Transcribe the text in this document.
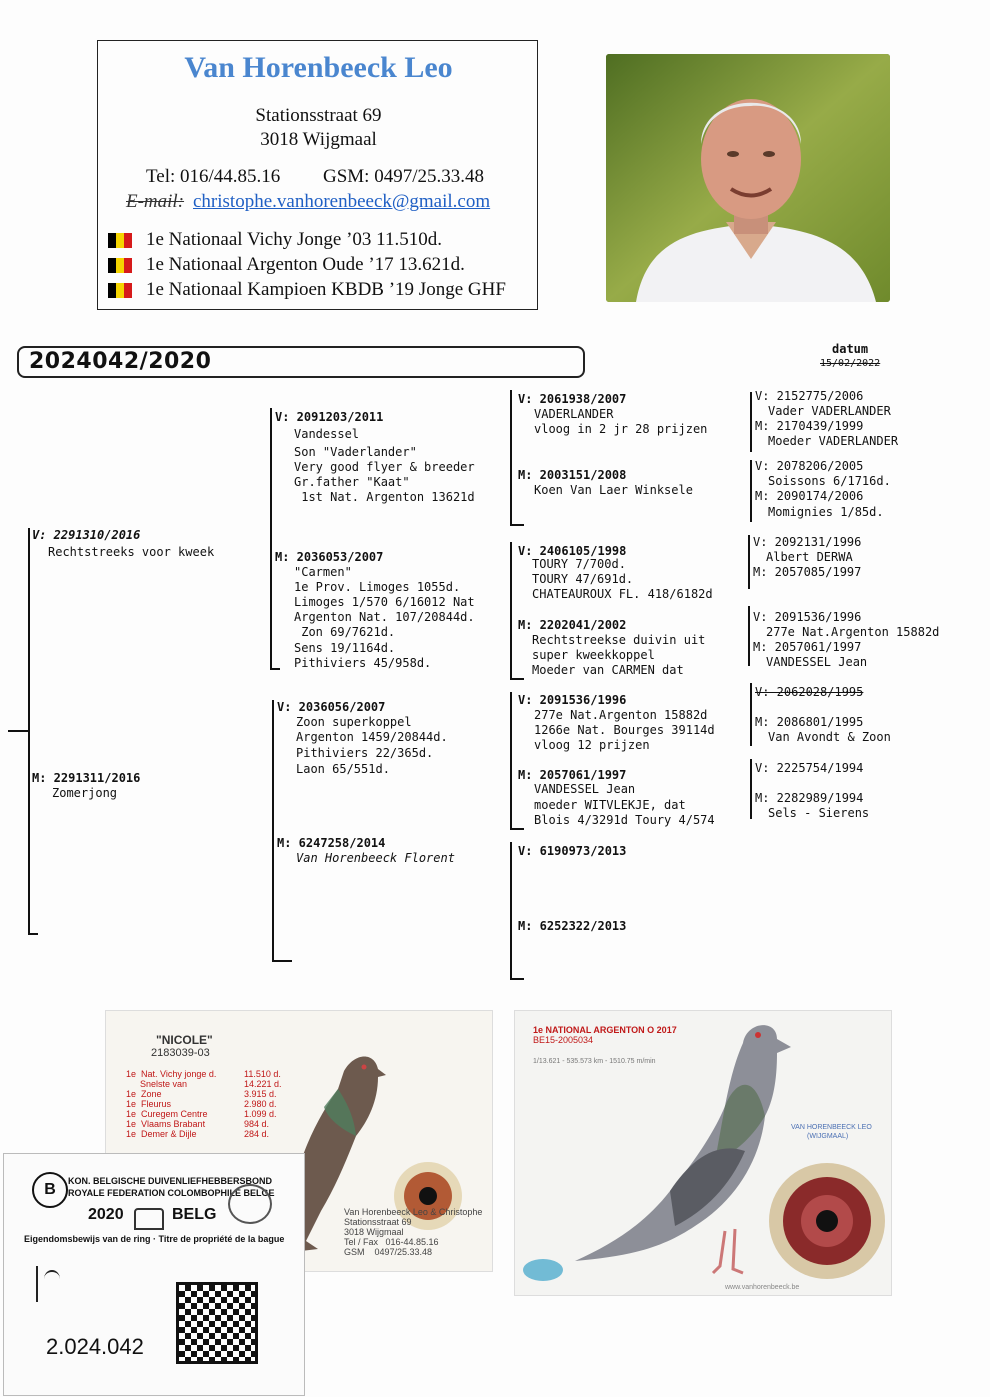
Van Horenbeeck Leo
Stationsstraat 69
3018 Wijgmaal
Tel: 016/44.85.16 GSM: 0497/25.33.48
E-mail: christophe.vanhorenbeeck@gmail.com
1e Nationaal Vichy Jonge ’03 11.510d.
1e Nationaal Argenton Oude ’17 13.621d.
1e Nationaal Kampioen KBDB ’19 Jonge GHF
2024042/2020	datum
15/02/2022
V: 2291310/2016
Rechtstreeks voor kweek
M: 2291311/2016
Zomerjong
V: 2091203/2011
Vandessel
Son "Vaderlander"
Very good flyer & breeder
Gr.father "Kaat"
1st Nat. Argenton 13621d
M: 2036053/2007
"Carmen"
1e Prov. Limoges 1055d.
Limoges 1/570 6/16012 Nat
Argenton Nat. 107/20844d.
Zon 69/7621d.
Sens 19/1164d.
Pithiviers 45/958d.
V: 2036056/2007
Zoon superkoppel
Argenton 1459/20844d.
Pithiviers 22/365d.
Laon 65/551d.
M: 6247258/2014
Van Horenbeeck Florent
V: 2061938/2007
VADERLANDER
vloog in 2 jr 28 prijzen
M: 2003151/2008
Koen Van Laer Winksele
V: 2406105/1998
TOURY 7/700d.
TOURY 47/691d.
CHATEAUROUX FL. 418/6182d
M: 2202041/2002
Rechtstreekse duivin uit
super kweekkoppel
Moeder van CARMEN dat
V: 2091536/1996
277e Nat.Argenton 15882d
1266e Nat. Bourges 39114d
vloog 12 prijzen
M: 2057061/1997
VANDESSEL Jean
moeder WITVLEKJE, dat
Blois 4/3291d Toury 4/574
V: 6190973/2013
M: 6252322/2013
V: 2152775/2006
Vader VADERLANDER
M: 2170439/1999
Moeder VADERLANDER
V: 2078206/2005
Soissons 6/1716d.
M: 2090174/2006
Momignies 1/85d.
V: 2092131/1996
Albert DERWA
M: 2057085/1997
V: 2091536/1996
277e Nat.Argenton 15882d
M: 2057061/1997
VANDESSEL Jean
V: 2062028/1995
M: 2086801/1995
Van Avondt & Zoon
V: 2225754/1994
M: 2282989/1994
Sels - Sierens
"NICOLE"
2183039-03
1e Nat. Vichy jonge d.	11.510 d.
Snelste van	14.221 d.
1e Zone	3.915 d.
1e Fleurus	2.980 d.
1e Curegem Centre	1.099 d.
1e Vlaams Brabant	984 d.
1e Demer & Dijle	284 d.
Van Horenbeeck Leo & Christophe
Stationsstraat 69
3018 Wijgmaal
Tel / Fax   016-44.85.16
GSM    0497/25.33.48
1e NATIONAL ARGENTON O 2017
BE15-2005034
1/13.621 - 535.573 km - 1510.75 m/min
VAN HORENBEECK LEO
(WIJGMAAL)
www.vanhorenbeeck.be
B	KON. BELGISCHE DUIVENLIEFHEBBERSBOND
ROYALE FEDERATION COLOMBOPHILE BELGE
2020	BELG
Eigendomsbewijs van de ring · Titre de propriété de la bague
2.024.042
